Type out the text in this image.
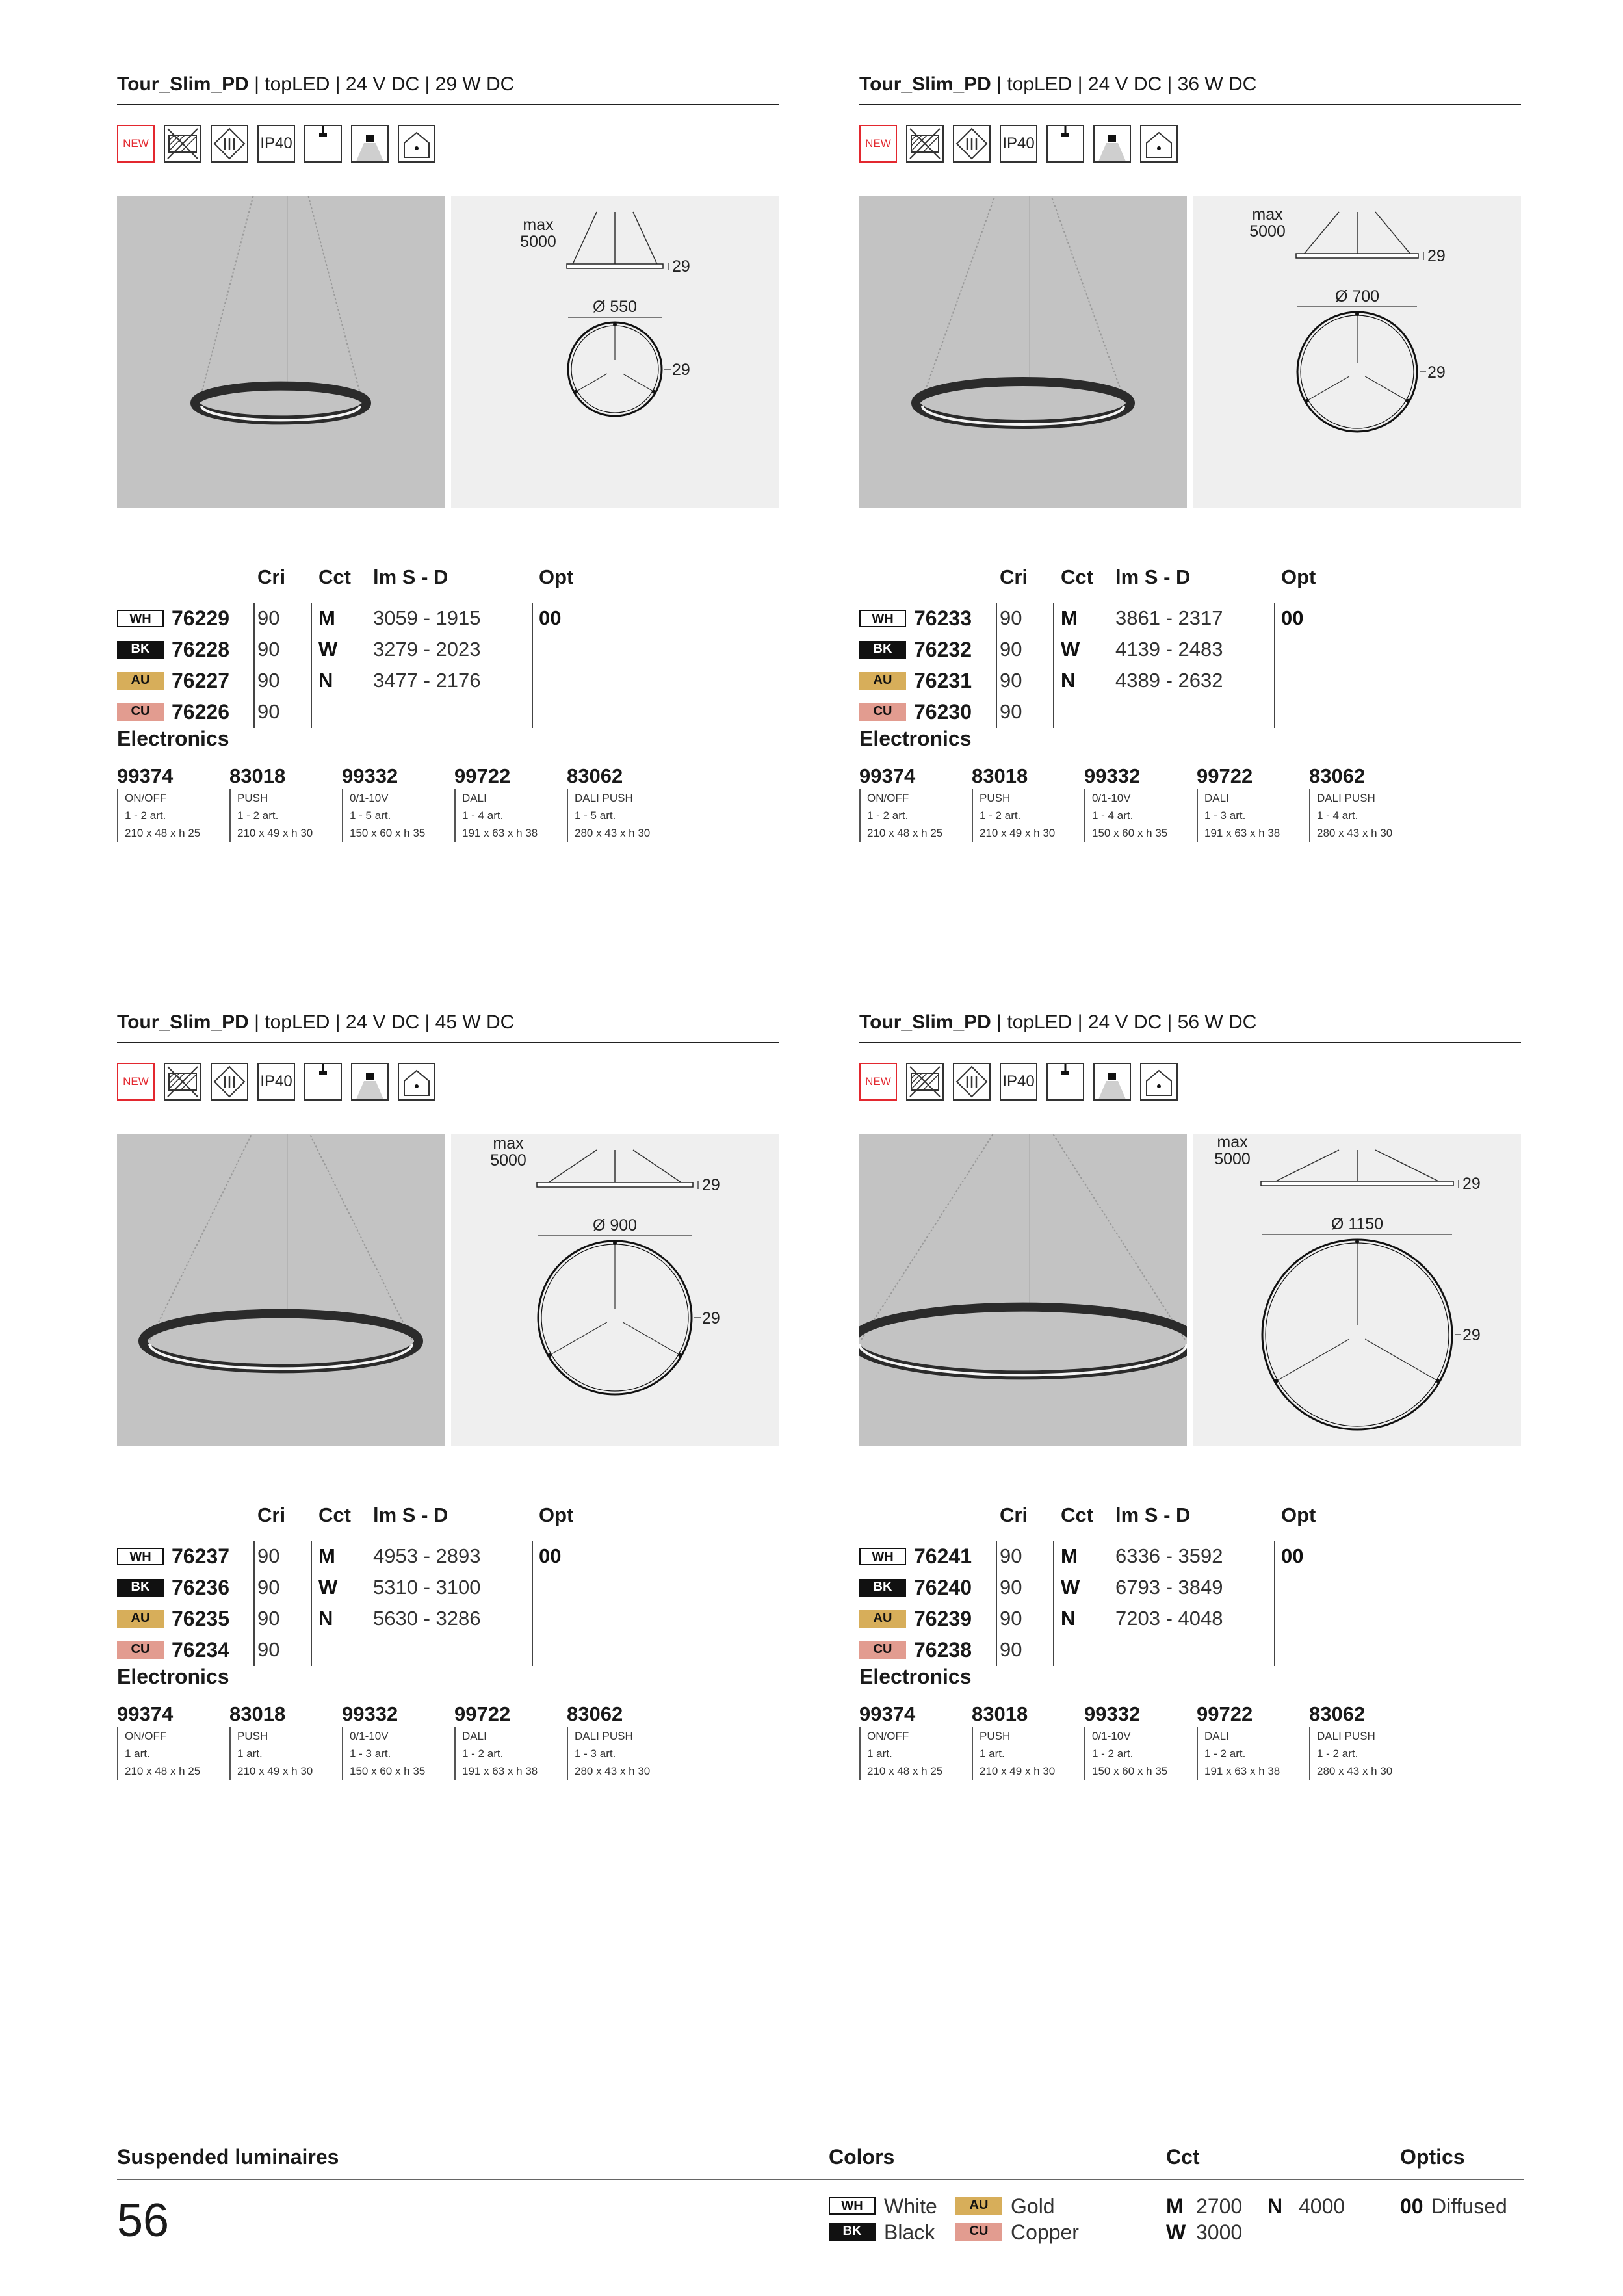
Tour_Slim_PD | topLED | 24 V DC | 29 W DC
NEW	IP40
max
5000
29
Ø 550
29
Cri Cct lm S - D	Opt
WH 76229 90 M 3059 - 1915	00
BK	76228 90 W 3279 - 2023
AU	76227 90 N 3477 - 2176
CU	76226 90
Electronics
99374
ON/OFF
1 - 2 art.
210 x 48 x h 25
83018
PUSH
1 - 2 art.
210 x 49 x h 30
99332
0/1-10V
1 - 5 art.
150 x 60 x h 35
99722
DALI
1 - 4 art.
191 x 63 x h 38
83062
DALI PUSH
1 - 5 art.
280 x 43 x h 30
Tour_Slim_PD | topLED | 24 V DC | 36 W DC
NEW	IP40
max
5000
29
Ø 700
29
Cri Cct lm S - D	Opt
WH 76233 90 M 3861 - 2317	00
BK	76232 90 W 4139 - 2483
AU	76231 90 N 4389 - 2632
CU	76230 90
Electronics
99374
ON/OFF
1 - 2 art.
210 x 48 x h 25
83018
PUSH
1 - 2 art.
210 x 49 x h 30
99332
0/1-10V
1 - 4 art.
150 x 60 x h 35
99722
DALI
1 - 3 art.
191 x 63 x h 38
83062
DALI PUSH
1 - 4 art.
280 x 43 x h 30
Tour_Slim_PD | topLED | 24 V DC | 45 W DC
NEW	IP40
max
5000
29
Ø 900
29
Cri Cct lm S - D	Opt
WH 76237 90 M 4953 - 2893	00
BK	76236 90 W 5310 - 3100
AU	76235 90 N 5630 - 3286
CU	76234 90
Electronics
99374
ON/OFF
1 art.
210 x 48 x h 25
83018
PUSH
1 art.
210 x 49 x h 30
99332
0/1-10V
1 - 3 art.
150 x 60 x h 35
99722
DALI
1 - 2 art.
191 x 63 x h 38
83062
DALI PUSH
1 - 3 art.
280 x 43 x h 30
Tour_Slim_PD | topLED | 24 V DC | 56 W DC
NEW	IP40
max
5000
29
Ø 1150
29
Cri Cct lm S - D	Opt
WH 76241 90 M 6336 - 3592	00
BK	76240 90 W 6793 - 3849
AU	76239 90 N 7203 - 4048
CU	76238 90
Electronics
99374
ON/OFF
1 art.
210 x 48 x h 25
83018
PUSH
1 art.
210 x 49 x h 30
99332
0/1-10V
1 - 2 art.
150 x 60 x h 35
99722
DALI
1 - 2 art.
191 x 63 x h 38
83062
DALI PUSH
1 - 2 art.
280 x 43 x h 30
Suspended luminaires	Colors	Cct	Optics
56	WH	White
BK	Black
AU	Gold
CU	Copper
M 2700
W 3000
N 4000	00 Diffused
